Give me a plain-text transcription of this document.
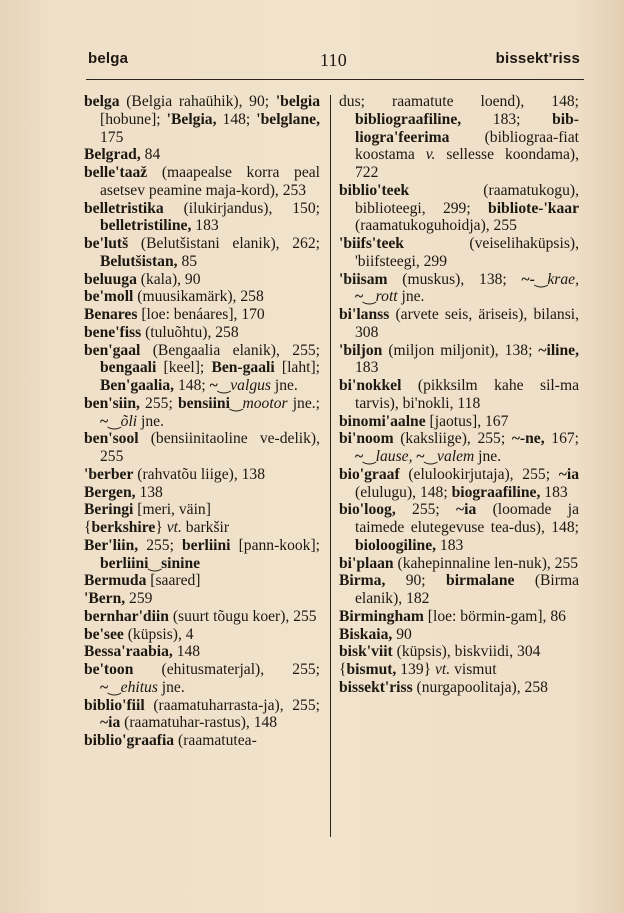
belga	110	bissekt'riss
belga (Belgia rahaühik), 90; 'belgia [hobune]; 'Belgia, 148; 'belglane, 175
Belgrad, 84
belle'taaž (maapealse korra peal asetsev peamine maja-kord), 253
belletristika (ilukirjandus), 150; belletristiline, 183
be'lutš (Belutšistani elanik), 262; Belutšistan, 85
beluuga (kala), 90
be'moll (muusikamärk), 258
Benares [loe: benáares], 170
bene'fiss (tuluõhtu), 258
ben'gaal (Bengaalia elanik), 255; bengaali [keel]; Ben-gaali [laht]; Ben'gaalia, 148; ~‿valgus jne.
ben'siin, 255; bensiini‿mootor jne.; ~‿õli jne.
ben'sool (bensiinitaoline ve-delik), 255
'berber (rahvatõu liige), 138
Bergen, 138
Beringi [meri, väin]
{berkshire} vt. barkšir
Ber'liin, 255; berliini [pann-kook]; berliini‿sinine
Bermuda [saared]
'Bern, 259
bernhar'diin (suurt tõugu koer), 255
be'see (küpsis), 4
Bessa'raabia, 148
be'toon (ehitusmaterjal), 255; ~‿ehitus jne.
biblio'fiil (raamatuharrasta-ja), 255; ~ia (raamatuhar-rastus), 148
biblio'graafia (raamatutea-
dus; raamatute loend), 148; bibliograafiline, 183; bib-liogra'feerima (bibliograa-fiat koostama v. sellesse koondama), 722
biblio'teek (raamatukogu), biblioteegi, 299; bibliote-'kaar (raamatukoguhoidja), 255
'biifs'teek (veiselihaküpsis), 'biifsteegi, 299
'biisam (muskus), 138; ~-‿krae, ~‿rott jne.
bi'lanss (arvete seis, äriseis), bilansi, 308
'biljon (miljon miljonit), 138; ~iline, 183
bi'nokkel (pikksilm kahe sil-ma tarvis), bi'nokli, 118
binomi'aalne [jaotus], 167
bi'noom (kaksliige), 255; ~-ne, 167; ~‿lause, ~‿valem jne.
bio'graaf (elulookirjutaja), 255; ~ia (elulugu), 148; biograafiline, 183
bio'loog, 255; ~ia (loomade ja taimede elutegevuse tea-dus), 148; bioloogiline, 183
bi'plaan (kahepinnaline len-nuk), 255
Birma, 90; birmalane (Birma elanik), 182
Birmingham [loe: börmin-gam], 86
Biskaia, 90
bisk'viit (küpsis), biskviidi, 304
{bismut, 139} vt. vismut
bissekt'riss (nurgapoolitaja), 258
